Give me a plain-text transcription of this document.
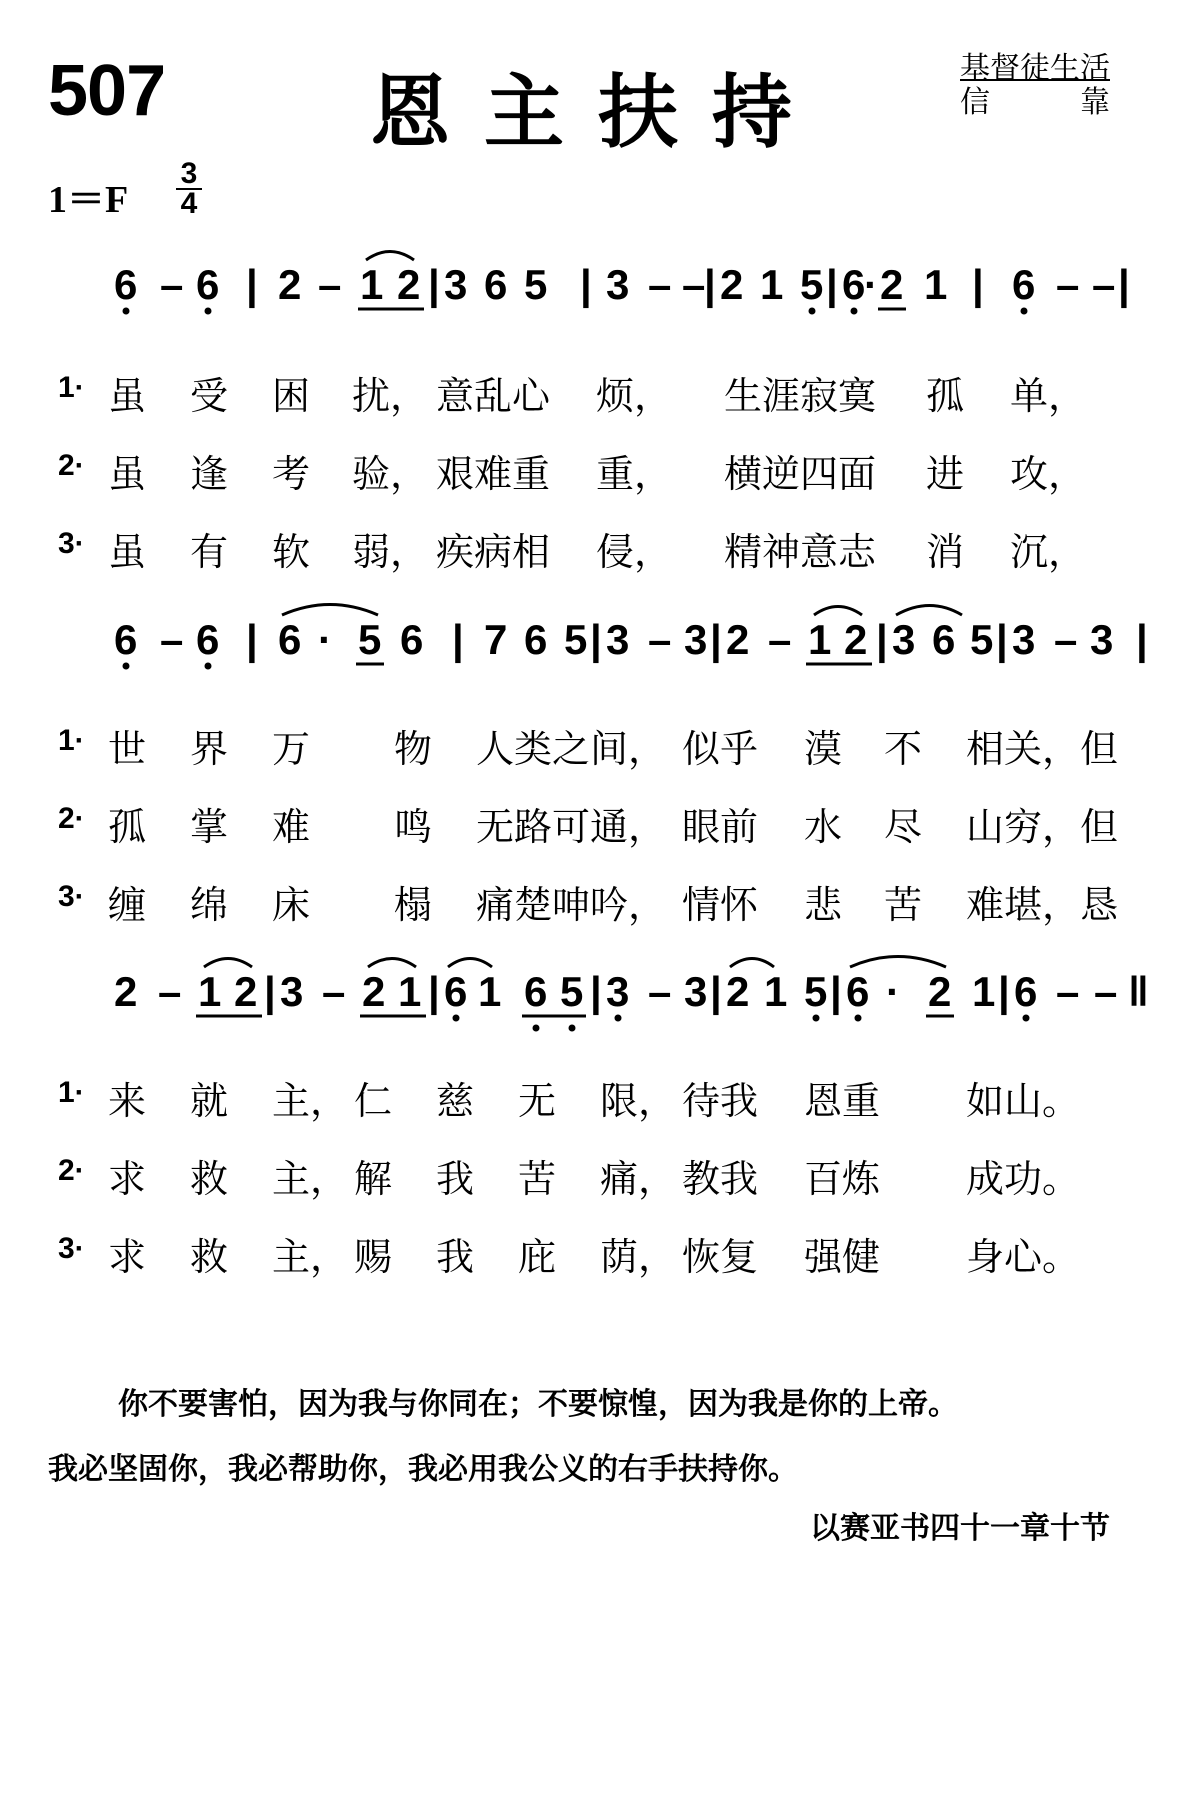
507	恩主扶持	基督徒生活
信	靠
$1=F \frac{3}{4}$
6 – 6 | 2 – 1 2 | 3 6 5 | 3 – –
| 2 1 5 | 6
· 2 1 | 6 – – |
1· 虽 受 困 扰， 意乱心 烦， 生涯寂寞 孤 单，
2· 虽 逢 考 验， 艰难重 重， 横逆四面 进 攻，
3· 虽 有 软 弱， 疾病相 侵， 精神意志 消 沉，
6 – 6 | 6 · 5 6 | 7 6 5 | 3 – 3 | 2 – 1 2 | 3 6 5 | 3 – 3 |
1· 世 界 万 物 人类之间， 似乎 漠 不 相关，但
2· 孤 掌 难 鸣 无路可通， 眼前 水 尽 山穷，但
3· 缠 绵 床 榻 痛楚呻吟， 情怀 悲 苦 难堪，恳
2 – 1 2 | 3 – 2 1 | 6 1 6 5 | 3 – 3 | 2 1 5 | 6 · 2 1 | 6 – – ‖
1· 来 就 主， 仁 慈 无 限， 待我 恩重 如山。
2· 求 救 主， 解 我 苦 痛， 教我 百炼 成功。
3· 求 救 主， 赐 我 庇 荫， 恢复 强健 身心。
你不要害怕，因为我与你同在；不要惊惶，因为我是你的上帝。
我必坚固你，我必帮助你，我必用我公义的右手扶持你。
以赛亚书四十一章十节
